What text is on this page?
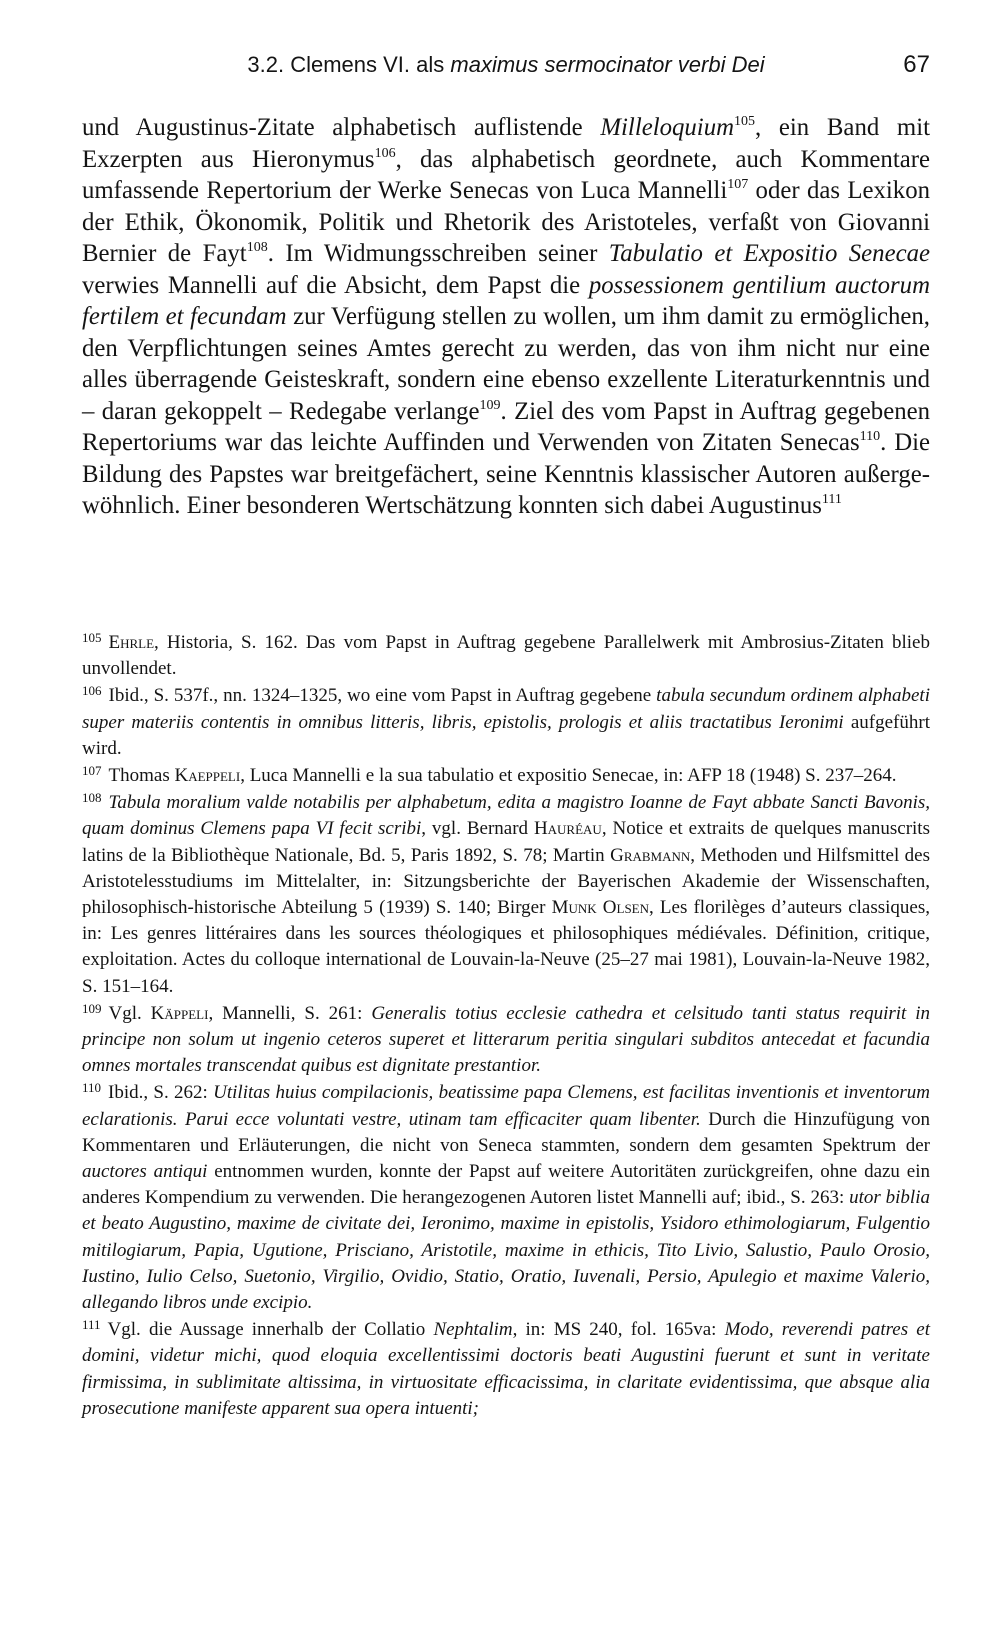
3.2. Clemens VI. als maximus sermocinator verbi Dei	67

und Augustinus-Zitate alphabetisch auflistende Milleloquium$^{105}$, ein Band mit Exzerpten aus Hieronymus$^{106}$, das alphabetisch geordnete, auch Kommentare umfassende Repertorium der Werke Senecas von Luca Mannelli$^{107}$ oder das Lexikon der Ethik, Ökonomik, Politik und Rhetorik des Aristoteles, verfaßt von Giovanni Bernier de Fayt$^{108}$. Im Widmungsschreiben seiner Tabulatio et Expositio Senecae verwies Mannelli auf die Absicht, dem Papst die possessionem gentilium auctorum fertilem et fecundam zur Verfügung stellen zu wollen, um ihm damit zu ermöglichen, den Verpflichtungen seines Amtes gerecht zu werden, das von ihm nicht nur eine alles überragende Geisteskraft, sondern eine ebenso exzellente Literaturkenntnis und – daran gekoppelt – Redegabe verlange$^{109}$. Ziel des vom Papst in Auftrag gegebenen Repertoriums war das leichte Auffinden und Verwenden von Zitaten Senecas$^{110}$. Die Bildung des Papstes war breitgefächert, seine Kenntnis klassischer Autoren außergewöhnlich. Einer besonderen Wertschätzung konnten sich dabei Augustinus$^{111}$

$^{105}$ Ehrle, Historia, S. 162. Das vom Papst in Auftrag gegebene Parallelwerk mit Ambrosius-Zitaten blieb unvollendet.

$^{106}$ Ibid., S. 537f., nn. 1324–1325, wo eine vom Papst in Auftrag gegebene tabula secundum ordinem alphabeti super materiis contentis in omnibus litteris, libris, epistolis, prologis et aliis tractatibus Ieronimi aufgeführt wird.

$^{107}$ Thomas Kaeppeli, Luca Mannelli e la sua tabulatio et expositio Senecae, in: AFP 18 (1948) S. 237–264.

$^{108}$ Tabula moralium valde notabilis per alphabetum, edita a magistro Ioanne de Fayt abbate Sancti Bavonis, quam dominus Clemens papa VI fecit scribi, vgl. Bernard Hauréau, Notice et extraits de quelques manuscrits latins de la Bibliothèque Nationale, Bd. 5, Paris 1892, S. 78; Martin Grabmann, Methoden und Hilfsmittel des Aristotelesstudiums im Mittelalter, in: Sitzungsberichte der Bayerischen Akademie der Wissenschaften, philosophisch-historische Abteilung 5 (1939) S. 140; Birger Munk Olsen, Les florilèges d’auteurs classiques, in: Les genres littéraires dans les sources théologiques et philosophiques médiévales. Définition, critique, exploitation. Actes du colloque international de Louvain-la-Neuve (25–27 mai 1981), Louvain-la-Neuve 1982, S. 151–164.

$^{109}$ Vgl. Käppeli, Mannelli, S. 261: Generalis totius ecclesie cathedra et celsitudo tanti status requirit in principe non solum ut ingenio ceteros superet et litterarum peritia singulari subditos antecedat et facundia omnes mortales transcendat quibus est dignitate prestantior.

$^{110}$ Ibid., S. 262: Utilitas huius compilacionis, beatissime papa Clemens, est facilitas inventionis et inventorum eclarationis. Parui ecce voluntati vestre, utinam tam efficaciter quam libenter. Durch die Hinzufügung von Kommentaren und Erläuterungen, die nicht von Seneca stammten, sondern dem gesamten Spektrum der auctores antiqui entnommen wurden, konnte der Papst auf weitere Autoritäten zurückgreifen, ohne dazu ein anderes Kompendium zu verwenden. Die herangezogenen Autoren listet Mannelli auf; ibid., S. 263: utor biblia et beato Augustino, maxime de civitate dei, Ieronimo, maxime in epistolis, Ysidoro ethimologiarum, Fulgentio mitilogiarum, Papia, Ugutione, Prisciano, Aristotile, maxime in ethicis, Tito Livio, Salustio, Paulo Orosio, Iustino, Iulio Celso, Suetonio, Virgilio, Ovidio, Statio, Oratio, Iuvenali, Persio, Apulegio et maxime Valerio, allegando libros unde excipio.

$^{111}$ Vgl. die Aussage innerhalb der Collatio Nephtalim, in: MS 240, fol. 165va: Modo, reverendi patres et domini, videtur michi, quod eloquia excellentissimi doctoris beati Augustini fuerunt et sunt in veritate firmissima, in sublimitate altissima, in virtuositate efficacissima, in claritate evidentissima, que absque alia prosecutione manifeste apparent sua opera intuenti;
